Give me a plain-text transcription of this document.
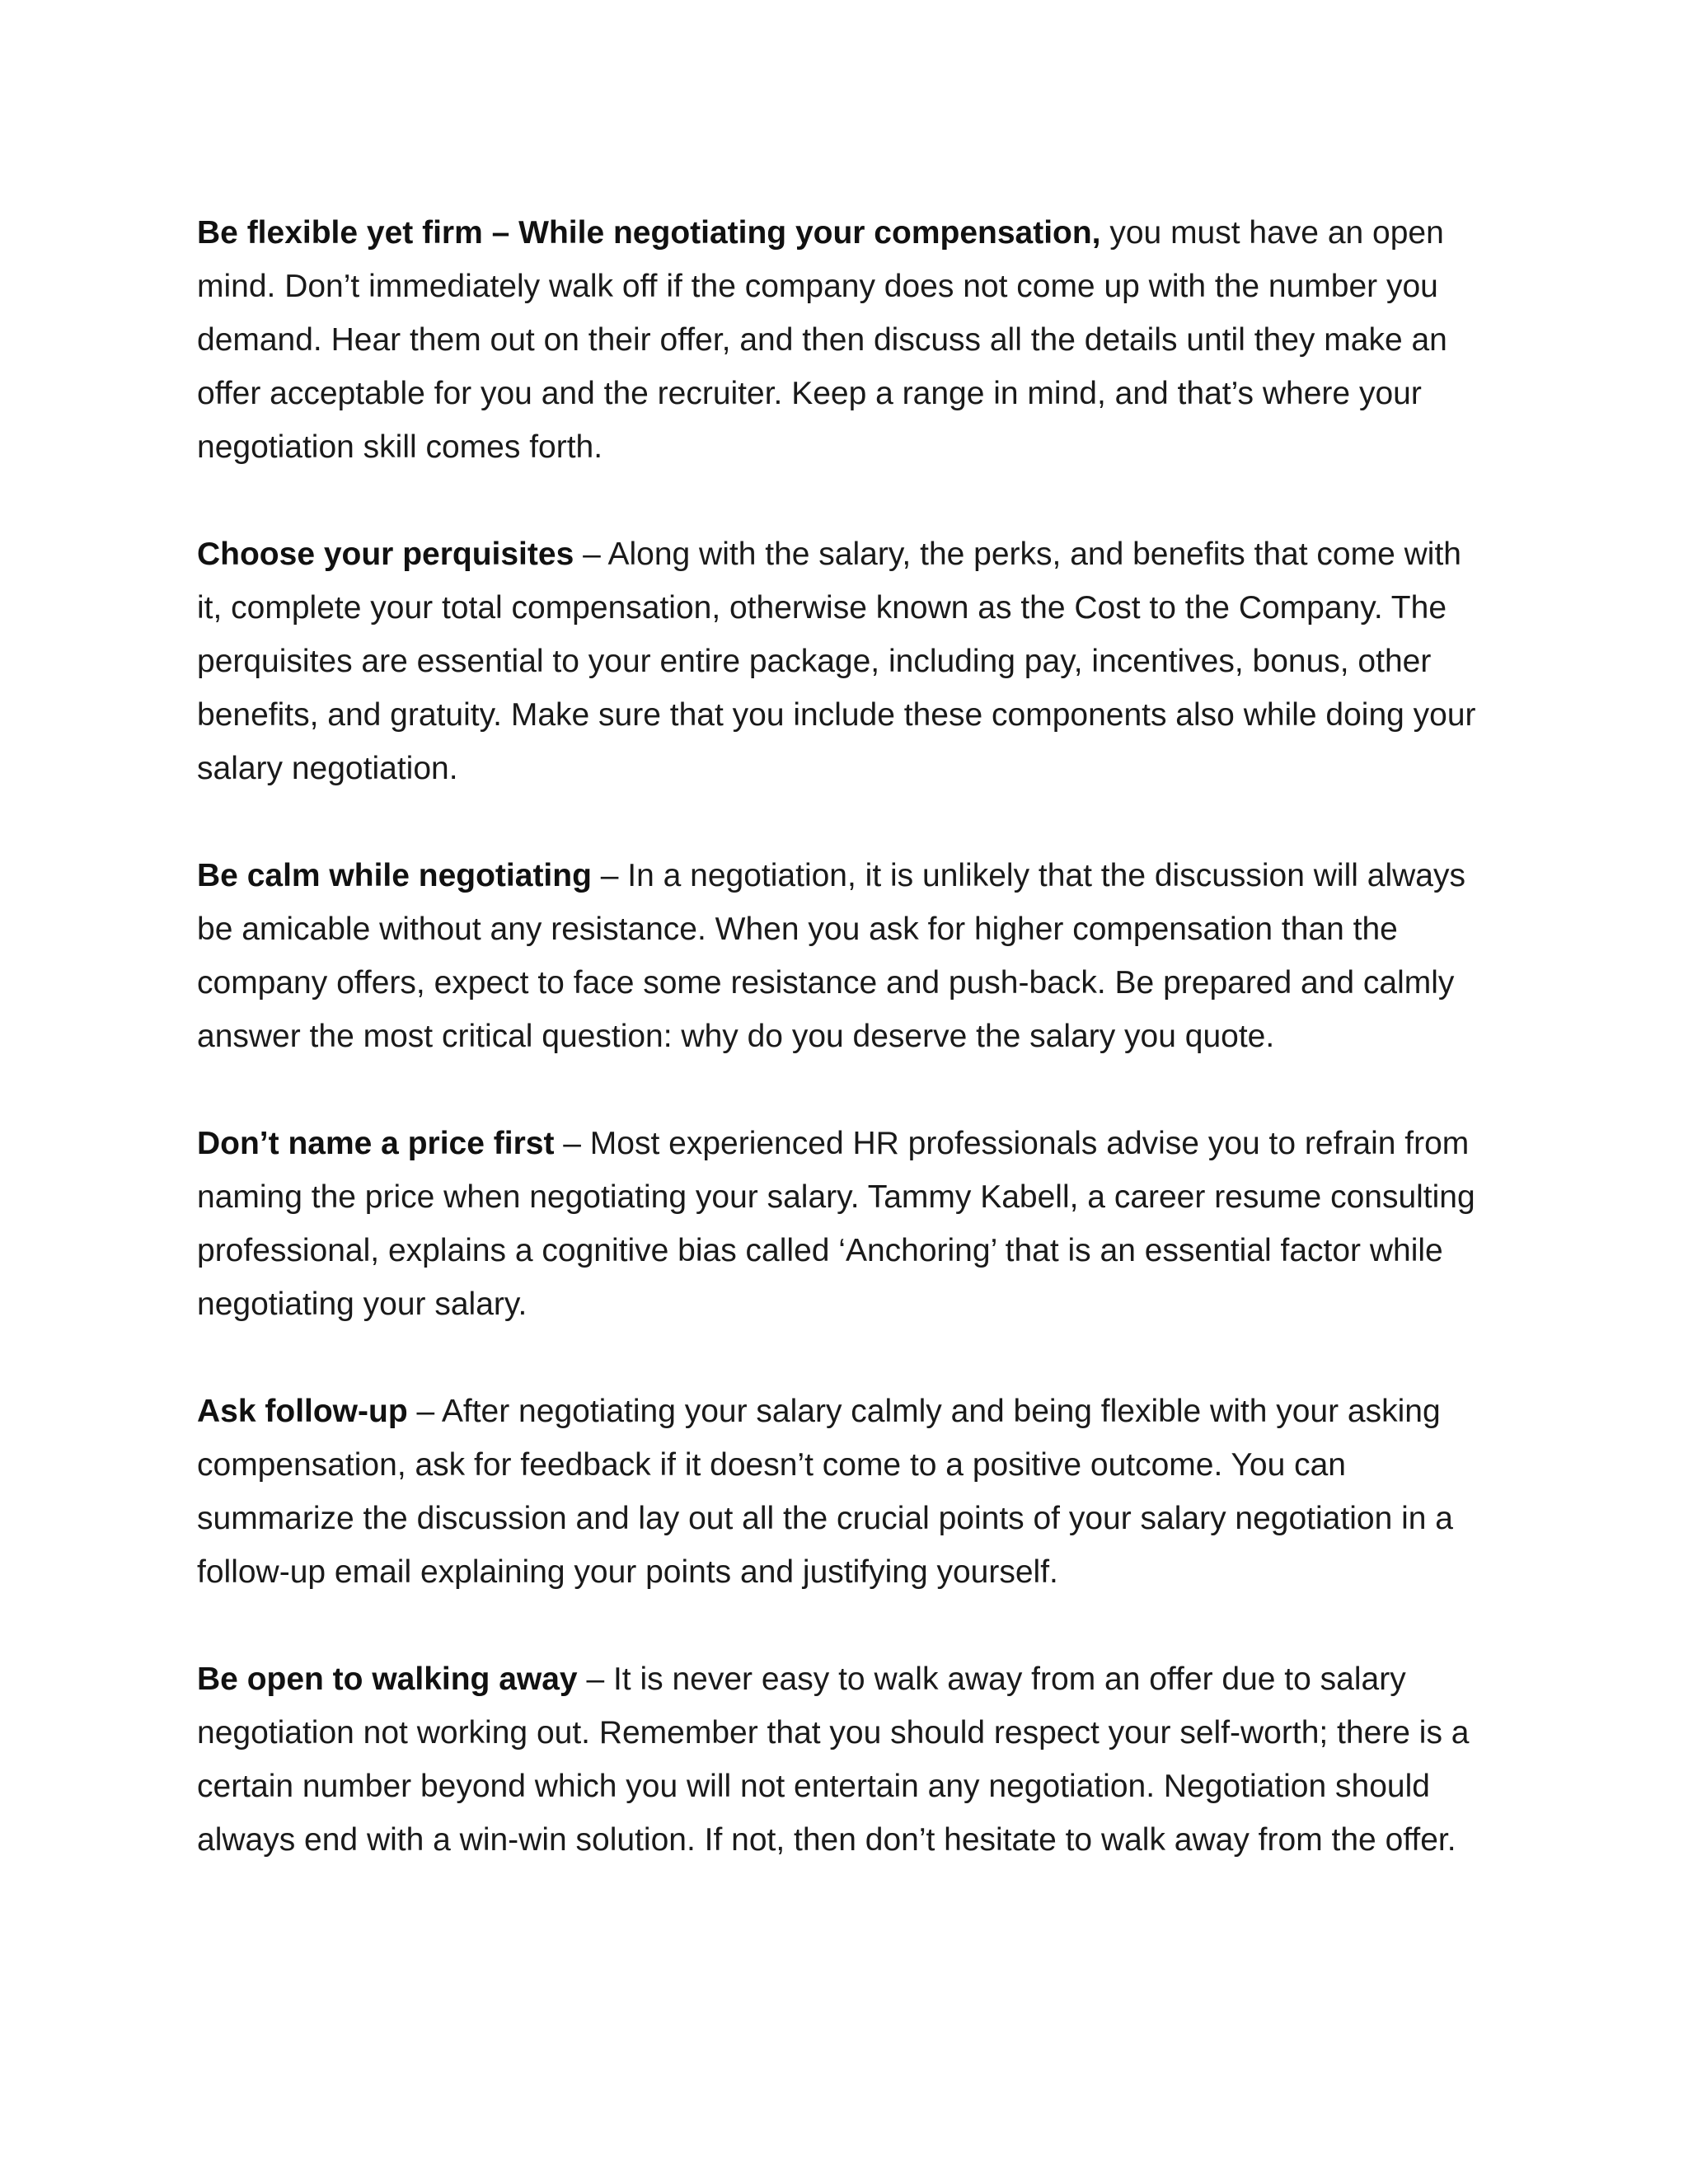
Be flexible yet firm – While negotiating your compensation, you must have an open mind. Don’t immediately walk off if the company does not come up with the number you demand. Hear them out on their offer, and then discuss all the details until they make an offer acceptable for you and the recruiter. Keep a range in mind, and that’s where your negotiation skill comes forth.

Choose your perquisites – Along with the salary, the perks, and benefits that come with it, complete your total compensation, otherwise known as the Cost to the Company. The perquisites are essential to your entire package, including pay, incentives, bonus, other benefits, and gratuity. Make sure that you include these components also while doing your salary negotiation.

Be calm while negotiating – In a negotiation, it is unlikely that the discussion will always be amicable without any resistance. When you ask for higher compensation than the company offers, expect to face some resistance and push-back. Be prepared and calmly answer the most critical question: why do you deserve the salary you quote.

Don’t name a price first – Most experienced HR professionals advise you to refrain from naming the price when negotiating your salary. Tammy Kabell, a career resume consulting professional, explains a cognitive bias called ‘Anchoring’ that is an essential factor while negotiating your salary.

Ask follow-up – After negotiating your salary calmly and being flexible with your asking compensation, ask for feedback if it doesn’t come to a positive outcome. You can summarize the discussion and lay out all the crucial points of your salary negotiation in a follow-up email explaining your points and justifying yourself.

Be open to walking away – It is never easy to walk away from an offer due to salary negotiation not working out. Remember that you should respect your self-worth; there is a certain number beyond which you will not entertain any negotiation. Negotiation should always end with a win-win solution. If not, then don’t hesitate to walk away from the offer.
